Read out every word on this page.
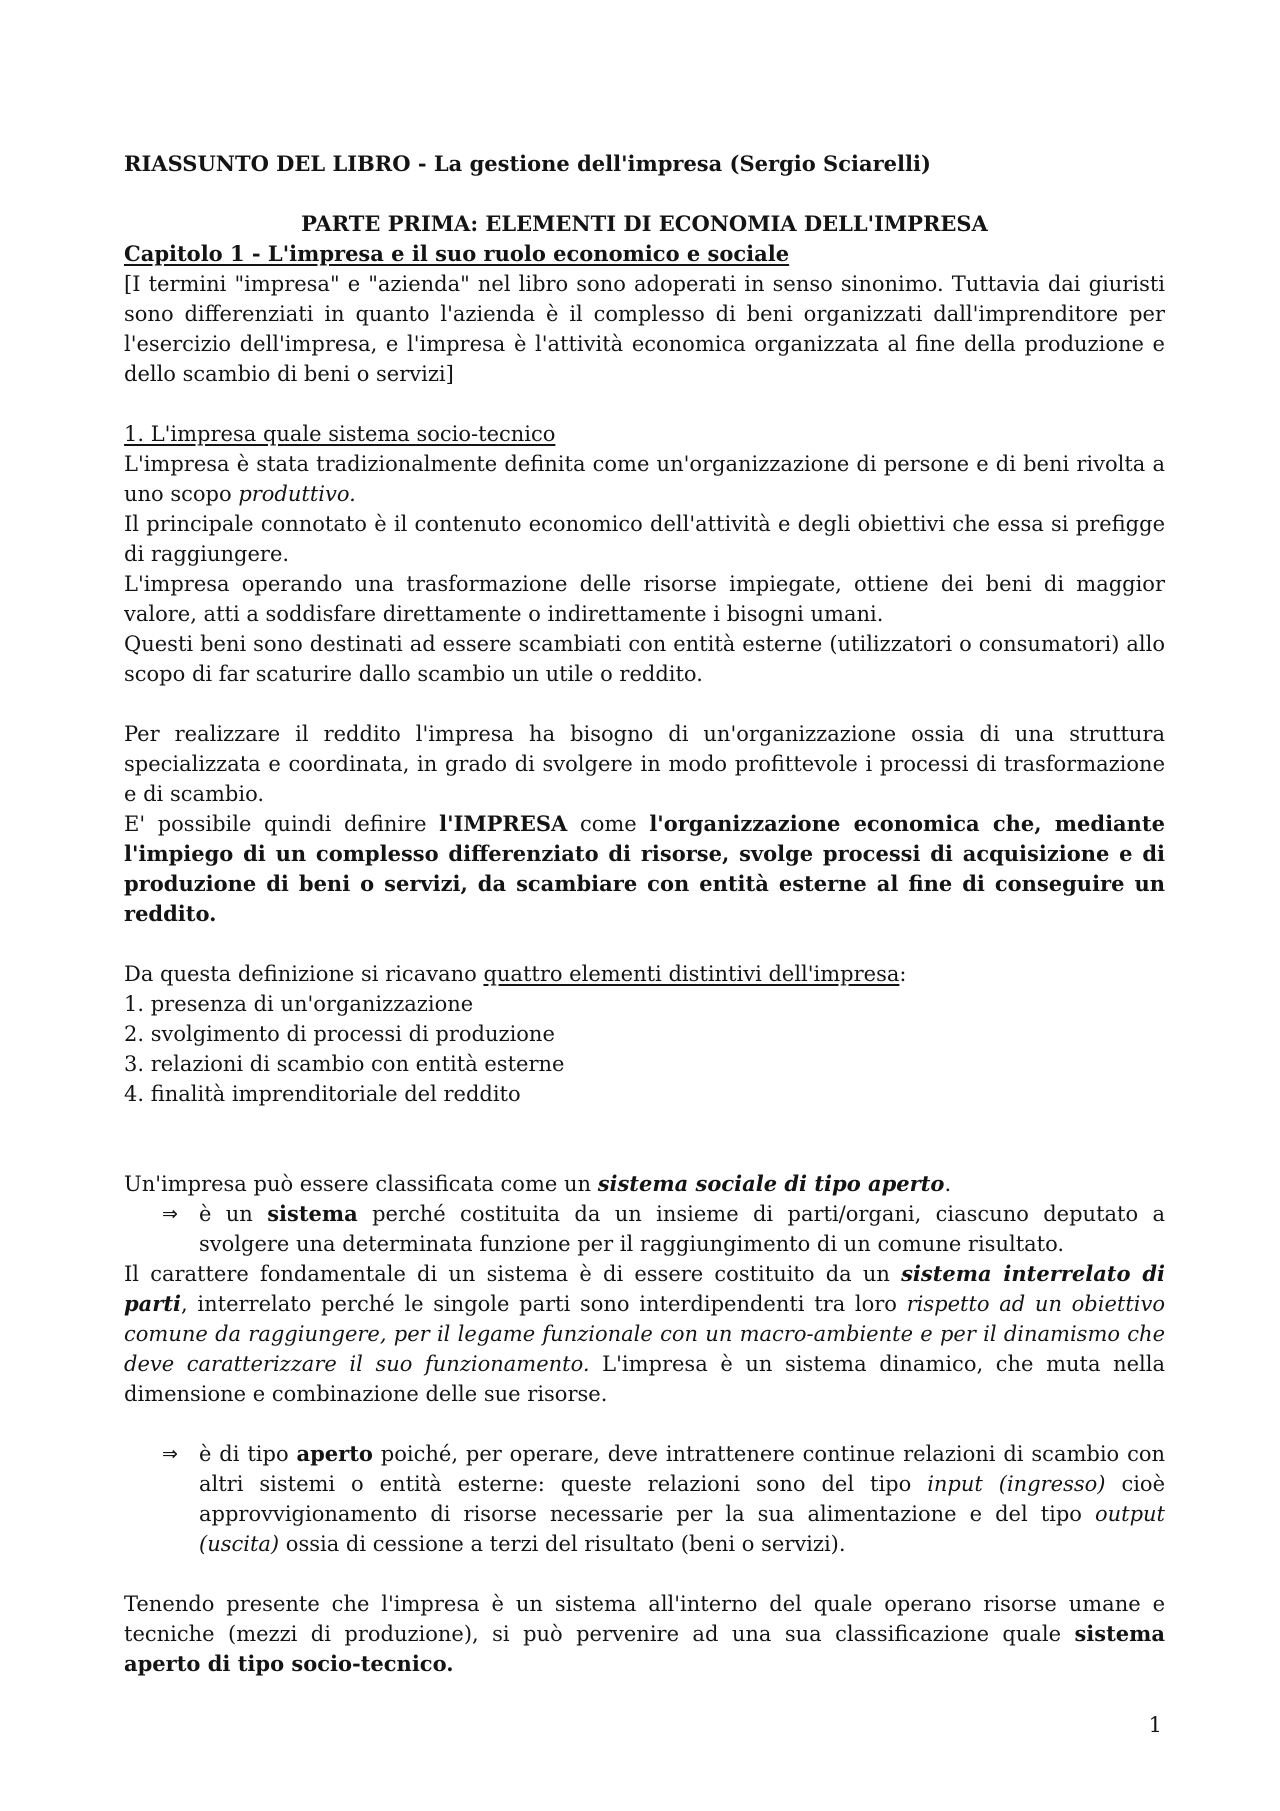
RIASSUNTO DEL LIBRO - La gestione dell'impresa (Sergio Sciarelli)

PARTE PRIMA: ELEMENTI DI ECONOMIA DELL'IMPRESA

Capitolo 1 - L'impresa e il suo ruolo economico e sociale

[I termini "impresa" e "azienda" nel libro sono adoperati in senso sinonimo. Tuttavia dai giuristi sono differenziati in quanto l'azienda è il complesso di beni organizzati dall'imprenditore per l'esercizio dell'impresa, e l'impresa è l'attività economica organizzata al fine della produzione e dello scambio di beni o servizi]

1. L'impresa quale sistema socio-tecnico

L'impresa è stata tradizionalmente definita come un'organizzazione di persone e di beni rivolta a uno scopo produttivo.

Il principale connotato è il contenuto economico dell'attività e degli obiettivi che essa si prefigge di raggiungere.

L'impresa operando una trasformazione delle risorse impiegate, ottiene dei beni di maggior valore, atti a soddisfare direttamente o indirettamente i bisogni umani.

Questi beni sono destinati ad essere scambiati con entità esterne (utilizzatori o consumatori) allo scopo di far scaturire dallo scambio un utile o reddito.

Per realizzare il reddito l'impresa ha bisogno di un'organizzazione ossia di una struttura specializzata e coordinata, in grado di svolgere in modo profittevole i processi di trasformazione e di scambio.

E' possibile quindi definire l'IMPRESA come l'organizzazione economica che, mediante l'impiego di un complesso differenziato di risorse, svolge processi di acquisizione e di produzione di beni o servizi, da scambiare con entità esterne al fine di conseguire un reddito.

Da questa definizione si ricavano quattro elementi distintivi dell'impresa:

1. presenza di un'organizzazione

2. svolgimento di processi di produzione

3. relazioni di scambio con entità esterne

4. finalità imprenditoriale del reddito

Un'impresa può essere classificata come un sistema sociale di tipo aperto.

⇒	è un sistema perché costituita da un insieme di parti/organi, ciascuno deputato a svolgere una determinata funzione per il raggiungimento di un comune risultato.

Il carattere fondamentale di un sistema è di essere costituito da un sistema interrelato di parti, interrelato perché le singole parti sono interdipendenti tra loro rispetto ad un obiettivo comune da raggiungere, per il legame funzionale con un macro-ambiente e per il dinamismo che deve caratterizzare il suo funzionamento. L'impresa è un sistema dinamico, che muta nella dimensione e combinazione delle sue risorse.

⇒	è di tipo aperto poiché, per operare, deve intrattenere continue relazioni di scambio con altri sistemi o entità esterne: queste relazioni sono del tipo input (ingresso) cioè approvvigionamento di risorse necessarie per la sua alimentazione e del tipo output (uscita) ossia di cessione a terzi del risultato (beni o servizi).

Tenendo presente che l'impresa è un sistema all'interno del quale operano risorse umane e tecniche (mezzi di produzione), si può pervenire ad una sua classificazione quale sistema aperto di tipo socio-tecnico.

1
